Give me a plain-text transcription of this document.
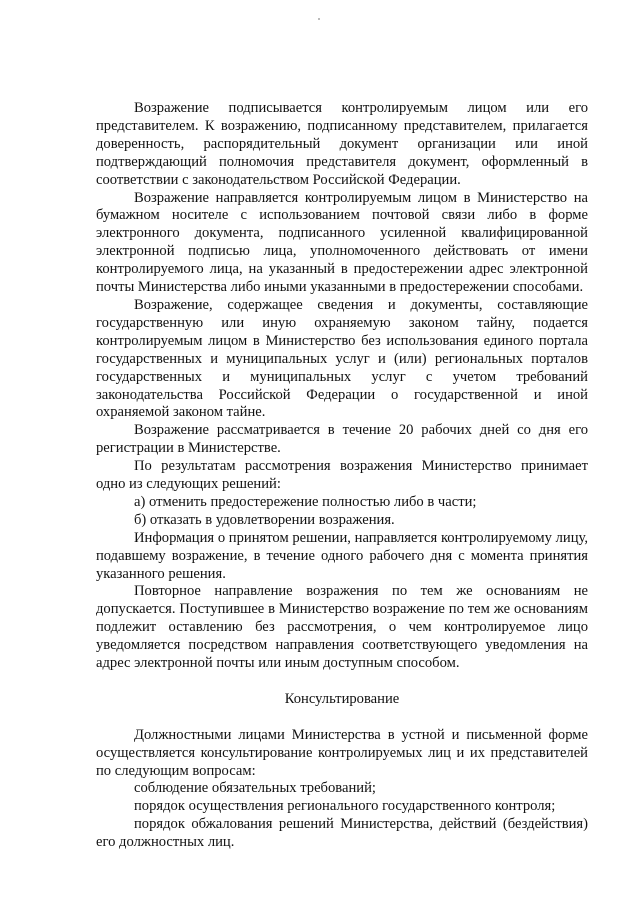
Возражение подписывается контролируемым лицом или его представителем. К возражению, подписанному представителем, прилагается доверенность, распорядительный документ организации или иной подтверждающий полномочия представителя документ, оформленный в соответствии с законодательством Российской Федерации.

Возражение направляется контролируемым лицом в Министерство на бумажном носителе с использованием почтовой связи либо в форме электронного документа, подписанного усиленной квалифицированной электронной подписью лица, уполномоченного действовать от имени контролируемого лица, на указанный в предостережении адрес электронной почты Министерства либо иными указанными в предостережении способами.

Возражение, содержащее сведения и документы, составляющие государственную или иную охраняемую законом тайну, подается контролируемым лицом в Министерство без использования единого портала государственных и муниципальных услуг и (или) региональных порталов государственных и муниципальных услуг с учетом требований законодательства Российской Федерации о государственной и иной охраняемой законом тайне.

Возражение рассматривается в течение 20 рабочих дней со дня его регистрации в Министерстве.

По результатам рассмотрения возражения Министерство принимает одно из следующих решений:

а) отменить предостережение полностью либо в части;

б) отказать в удовлетворении возражения.

Информация о принятом решении, направляется контролируемому лицу, подавшему возражение, в течение одного рабочего дня с момента принятия указанного решения.

Повторное направление возражения по тем же основаниям не допускается. Поступившее в Министерство возражение по тем же основаниям подлежит оставлению без рассмотрения, о чем контролируемое лицо уведомляется посредством направления соответствующего уведомления на адрес электронной почты или иным доступным способом.

Консультирование

Должностными лицами Министерства в устной и письменной форме осуществляется консультирование контролируемых лиц и их представителей по следующим вопросам:

соблюдение обязательных требований;

порядок осуществления регионального государственного контроля;

порядок обжалования решений Министерства, действий (бездействия) его должностных лиц.
